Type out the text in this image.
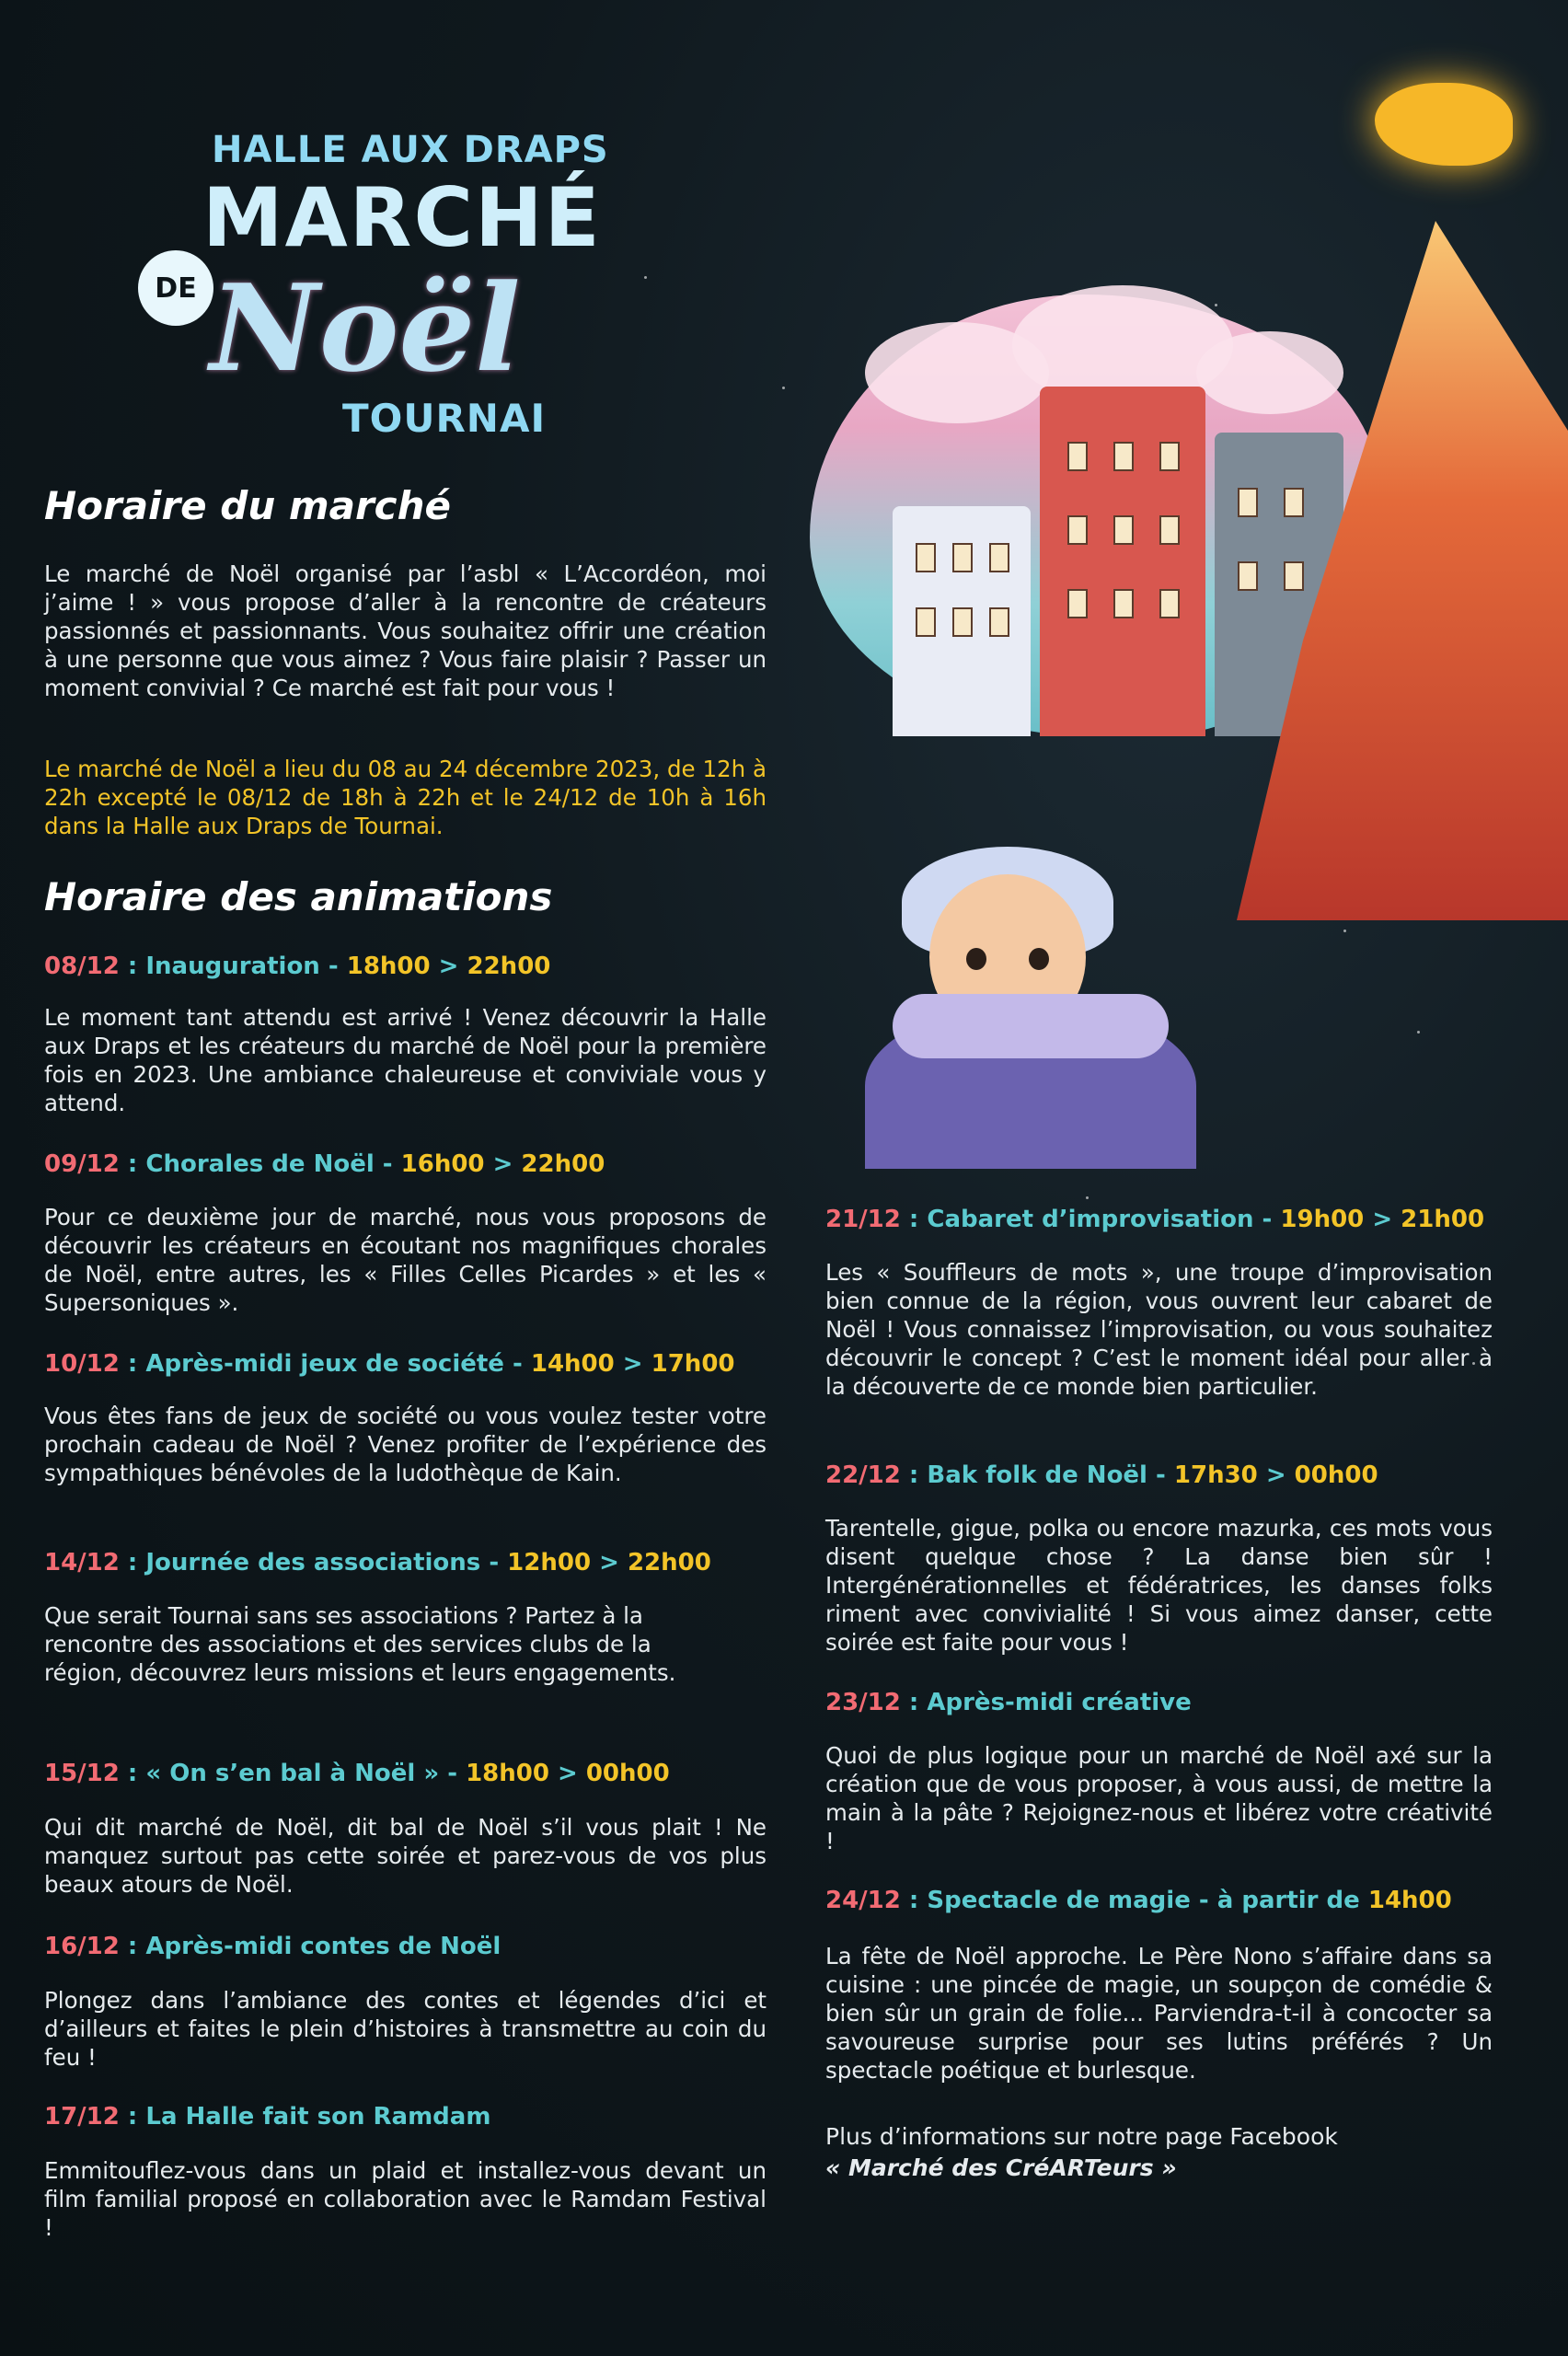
HALLE AUX DRAPS
MARCHÉ
DE Noël
TOURNAI
Horaire du marché

Le marché de Noël organisé par l’asbl « L’Accordéon, moi j’aime ! » vous propose d’aller à la rencontre de créateurs passionnés et passionnants. Vous souhaitez offrir une création à une personne que vous aimez ? Vous faire plaisir ? Passer un moment convivial ? Ce marché est fait pour vous !

Le marché de Noël a lieu du 08 au 24 décembre 2023, de 12h à 22h excepté le 08/12 de 18h à 22h et le 24/12 de 10h à 16h dans la Halle aux Draps de Tournai.

Horaire des animations

08/12 : Inauguration - 18h00 > 22h00

Le moment tant attendu est arrivé ! Venez découvrir la Halle aux Draps et les créateurs du marché de Noël pour la première fois en 2023. Une ambiance chaleureuse et conviviale vous y attend.

09/12 : Chorales de Noël - 16h00 > 22h00

Pour ce deuxième jour de marché, nous vous proposons de découvrir les créateurs en écoutant nos magnifiques chorales de Noël, entre autres, les « Filles Celles Picardes » et les « Supersoniques ».

10/12 : Après-midi jeux de société - 14h00 > 17h00

Vous êtes fans de jeux de société ou vous voulez tester votre prochain cadeau de Noël ? Venez profiter de l’expérience des sympathiques bénévoles de la ludothèque de Kain.

14/12 : Journée des associations - 12h00 > 22h00

Que serait Tournai sans ses associations ? Partez à la rencontre des associations et des services clubs de la région, découvrez leurs missions et leurs engagements.

15/12 : « On s’en bal à Noël » - 18h00 > 00h00

Qui dit marché de Noël, dit bal de Noël s’il vous plait ! Ne manquez surtout pas cette soirée et parez-vous de vos plus beaux atours de Noël.

16/12 : Après-midi contes de Noël

Plongez dans l’ambiance des contes et légendes d’ici et d’ailleurs et faites le plein d’histoires à transmettre au coin du feu !

17/12 : La Halle fait son Ramdam

Emmitouflez-vous dans un plaid et installez-vous devant un film familial proposé en collaboration avec le Ramdam Festival !

21/12 : Cabaret d’improvisation - 19h00 > 21h00

Les « Souffleurs de mots », une troupe d’improvisation bien connue de la région, vous ouvrent leur cabaret de Noël ! Vous connaissez l’improvisation, ou vous souhaitez découvrir le concept ? C’est le moment idéal pour aller à la découverte de ce monde bien particulier.

22/12 : Bak folk de Noël - 17h30 > 00h00

Tarentelle, gigue, polka ou encore mazurka, ces mots vous disent quelque chose ? La danse bien sûr ! Intergénérationnelles et fédératrices, les danses folks riment avec convivialité ! Si vous aimez danser, cette soirée est faite pour vous !

23/12 : Après-midi créative

Quoi de plus logique pour un marché de Noël axé sur la création que de vous proposer, à vous aussi, de mettre la main à la pâte ? Rejoignez-nous et libérez votre créativité !

24/12 : Spectacle de magie - à partir de 14h00

La fête de Noël approche. Le Père Nono s’affaire dans sa cuisine : une pincée de magie, un soupçon de comédie & bien sûr un grain de folie... Parviendra-t-il à concocter sa savoureuse surprise pour ses lutins préférés ? Un spectacle poétique et burlesque.

Plus d’informations sur notre page Facebook
« Marché des CréARTeurs »
